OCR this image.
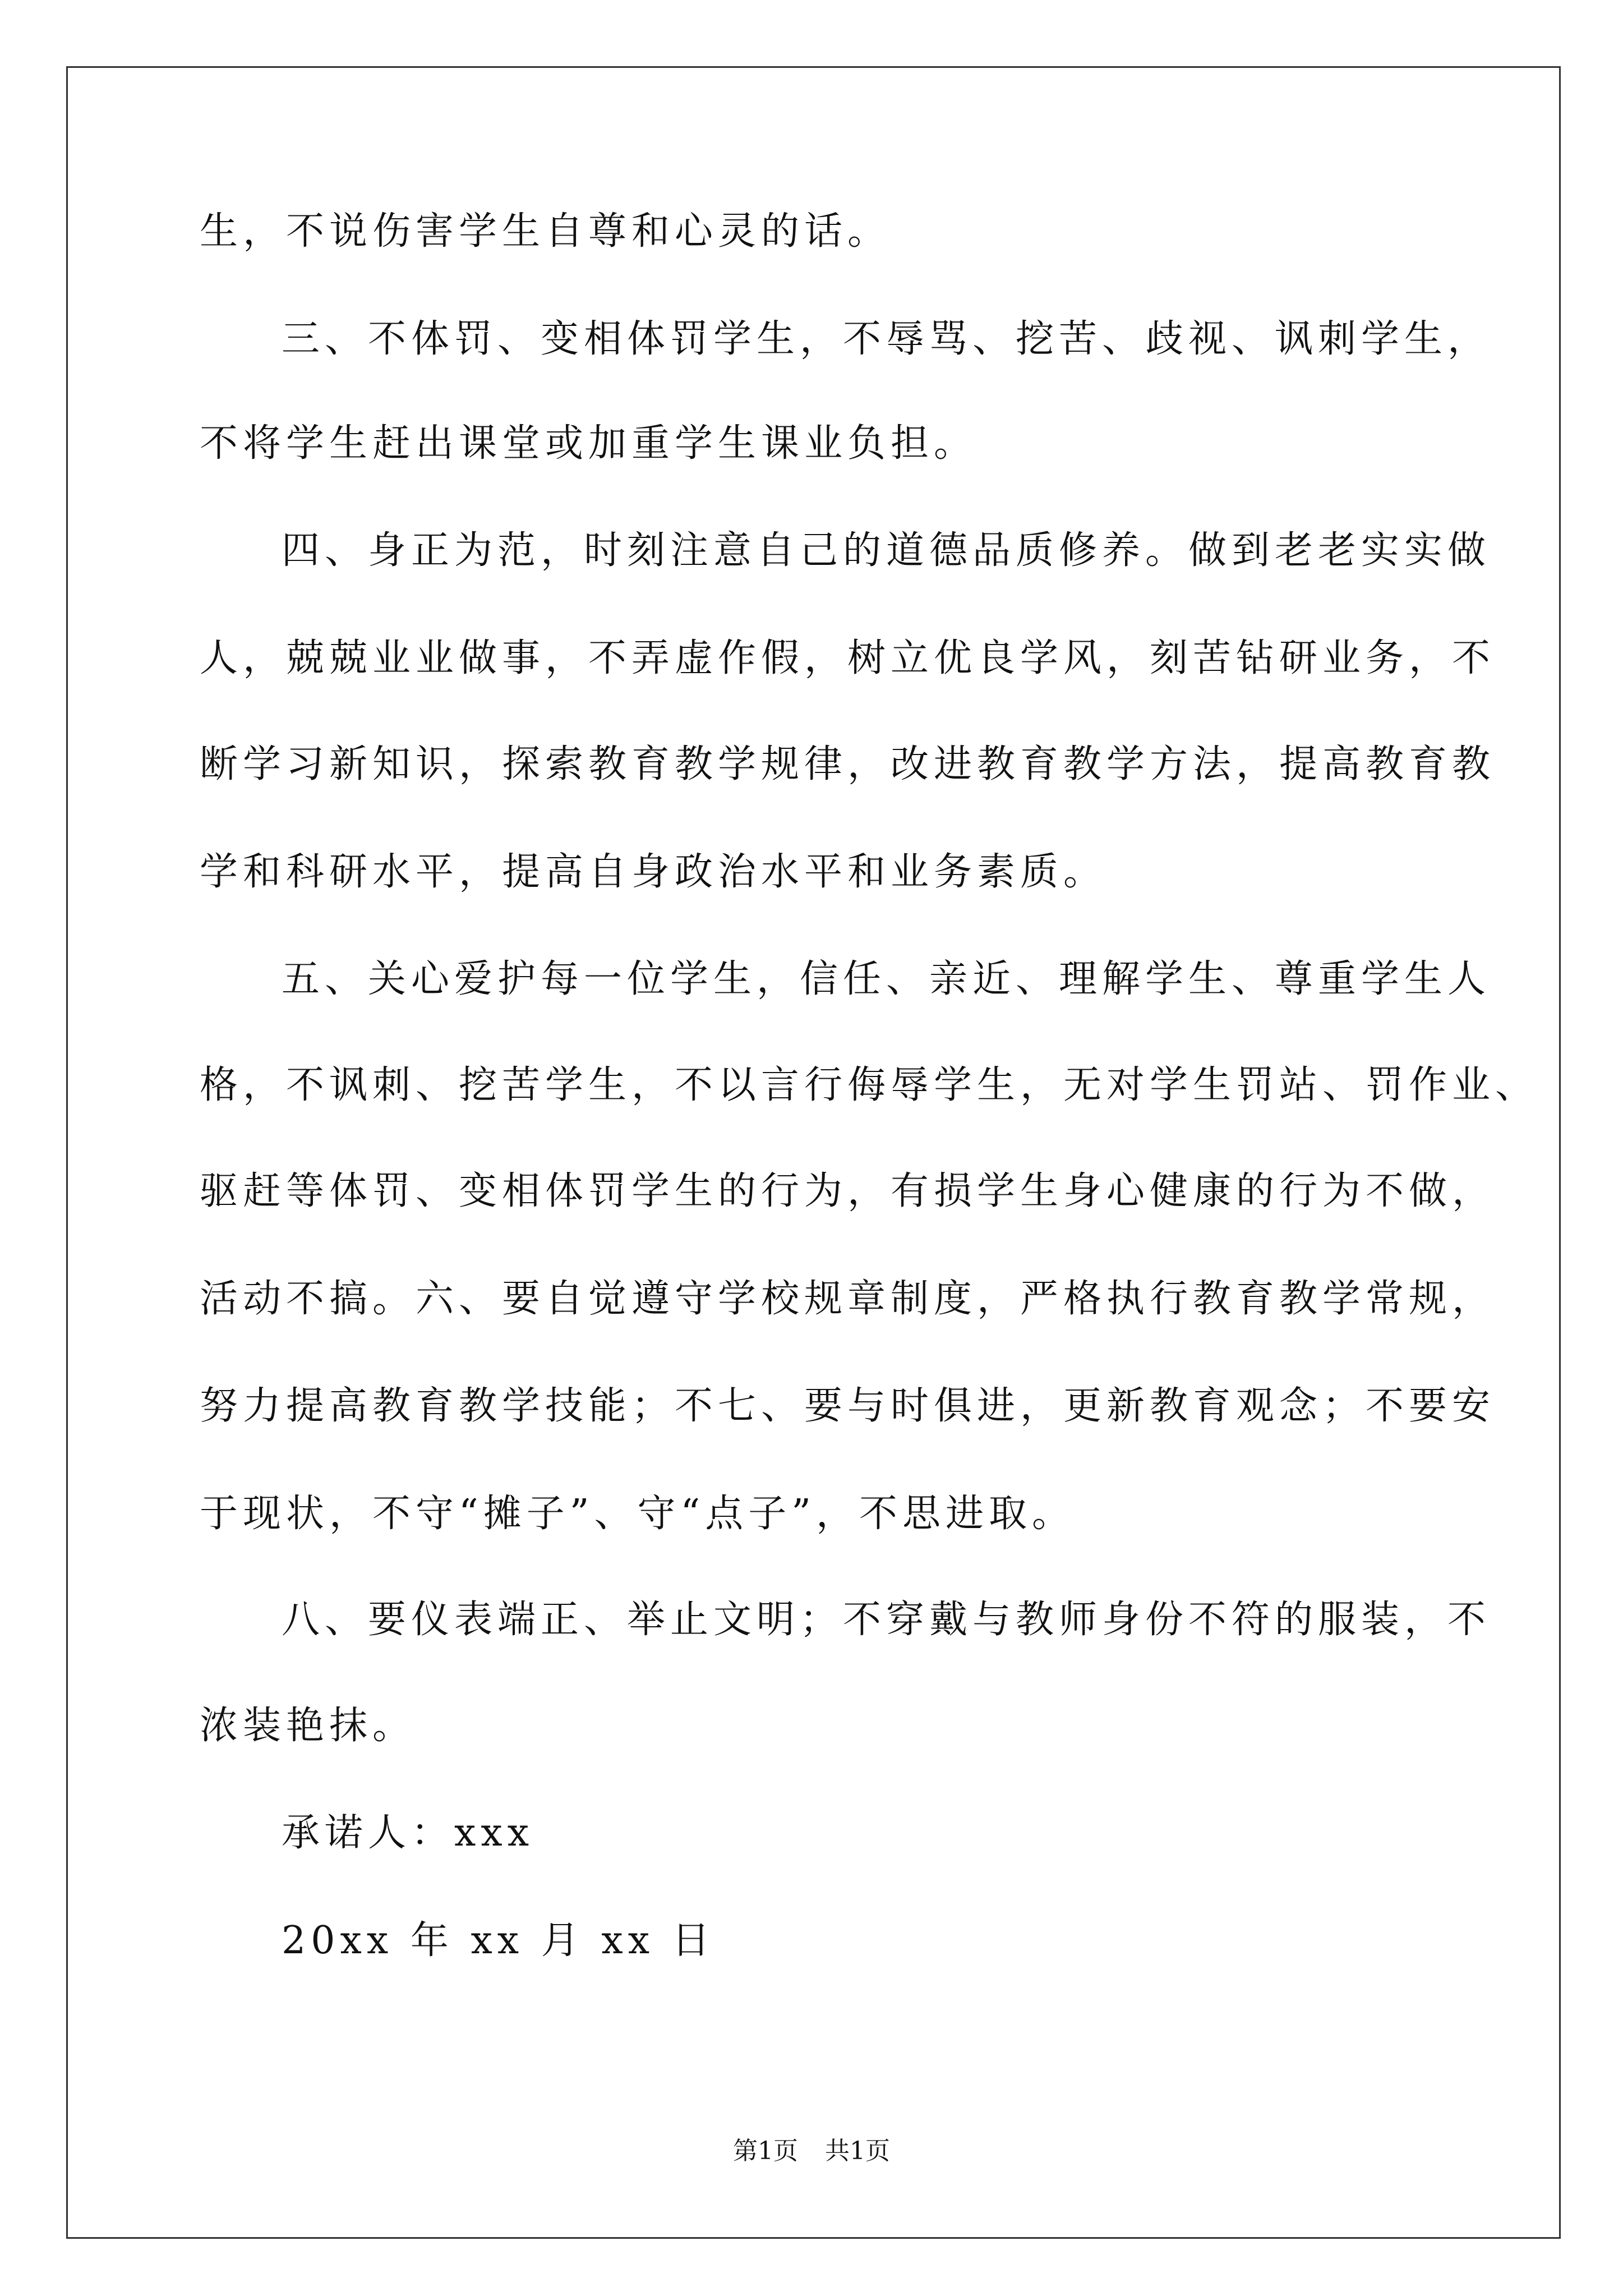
生，不说伤害学生自尊和心灵的话。
三、不体罚、变相体罚学生，不辱骂、挖苦、歧视、讽刺学生，
不将学生赶出课堂或加重学生课业负担。
四、身正为范，时刻注意自己的道德品质修养。做到老老实实做
人，兢兢业业做事，不弄虚作假，树立优良学风，刻苦钻研业务，不
断学习新知识，探索教育教学规律，改进教育教学方法，提高教育教
学和科研水平，提高自身政治水平和业务素质。
五、关心爱护每一位学生，信任、亲近、理解学生、尊重学生人
格，不讽刺、挖苦学生，不以言行侮辱学生，无对学生罚站、罚作业、
驱赶等体罚、变相体罚学生的行为，有损学生身心健康的行为不做，
活动不搞。六、要自觉遵守学校规章制度，严格执行教育教学常规，
努力提高教育教学技能；不七、要与时俱进，更新教育观念；不要安
于现状，不守“摊子”、守“点子”，不思进取。
八、要仪表端正、举止文明；不穿戴与教师身份不符的服装，不
浓装艳抹。
承诺人：xxx
20xx 年 xx 月 xx 日
第1页 共1页
